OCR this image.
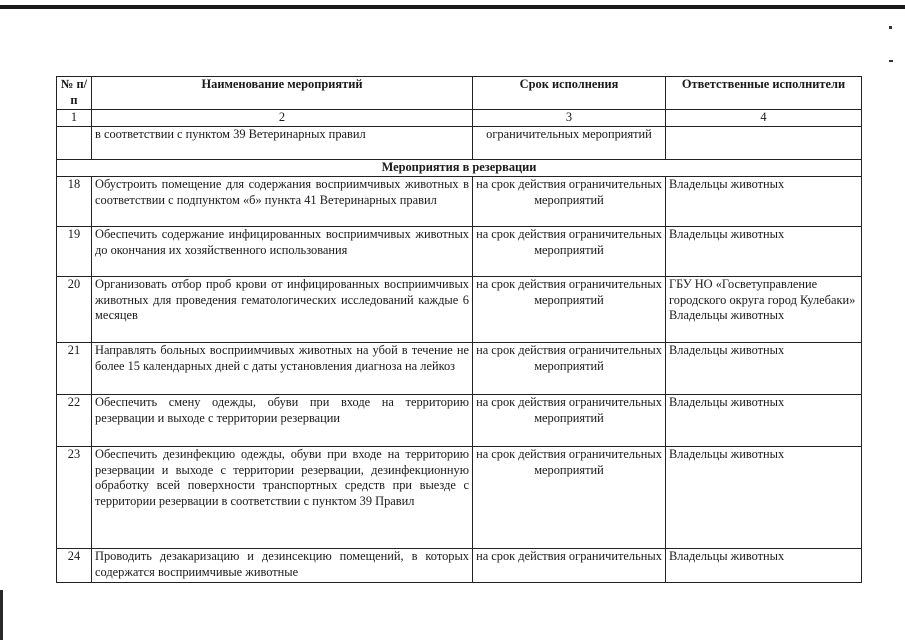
№ п/п	Наименование мероприятий	Срок исполнения	Ответственные исполнители
1	2	3	4
	в соответствии с пунктом 39 Ветеринарных правил	ограничительных мероприятий	
Мероприятия в резервации			
18	Обустроить помещение для содержания восприимчивых животных в соответствии с подпунктом «б» пункта 41 Ветеринарных правил	на срок действия ограничительных мероприятий	Владельцы животных
19	Обеспечить содержание инфицированных восприимчивых животных до окончания их хозяйственного использования	на срок действия ограничительных мероприятий	Владельцы животных
20	Организовать отбор проб крови от инфицированных восприимчивых животных для проведения гематологических исследований каждые 6 месяцев	на срок действия ограничительных мероприятий	ГБУ НО «Госветуправление городского округа город Кулебаки» Владельцы животных
21	Направлять больных восприимчивых животных на убой в течение не более 15 календарных дней с даты установления диагноза на лейкоз	на срок действия ограничительных мероприятий	Владельцы животных
22	Обеспечить смену одежды, обуви при входе на территорию резервации и выходе с территории резервации	на срок действия ограничительных мероприятий	Владельцы животных
23	Обеспечить дезинфекцию одежды, обуви при входе на территорию резервации и выходе с территории резервации, дезинфекционную обработку всей поверхности транспортных средств при выезде с территории резервации в соответствии с пунктом 39 Правил	на срок действия ограничительных мероприятий	Владельцы животных
24	Проводить дезакаризацию и дезинсекцию помещений, в которых содержатся восприимчивые животные	на срок действия ограничительных	Владельцы животных
